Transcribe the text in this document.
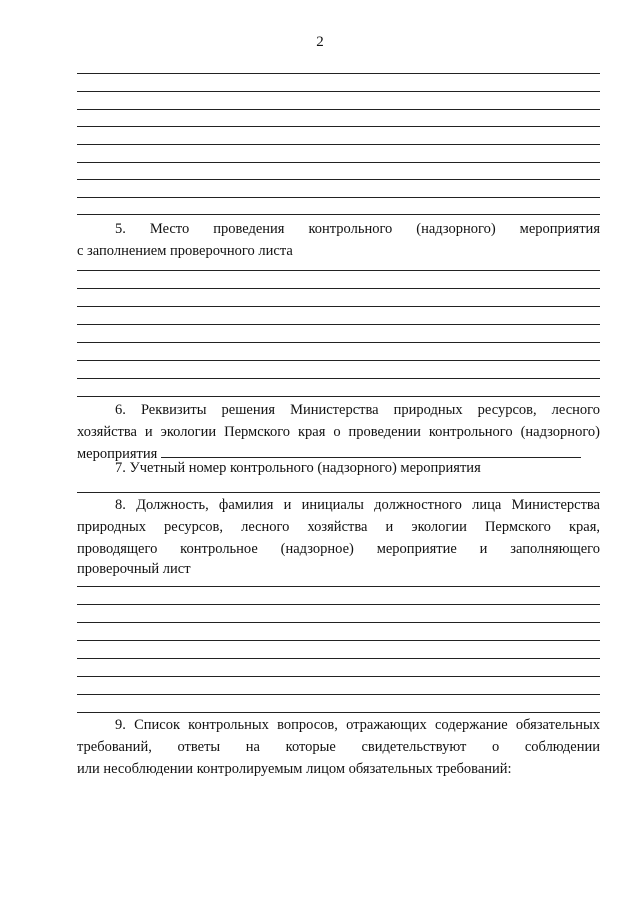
2
5. Место проведения контрольного (надзорного) мероприятия
с заполнением проверочного листа
6. Реквизиты решения Министерства природных ресурсов, лесного
хозяйства и экологии Пермского края о проведении контрольного (надзорного)
мероприятия
7. Учетный номер контрольного (надзорного) мероприятия
8. Должность, фамилия и инициалы должностного лица Министерства
природных ресурсов, лесного хозяйства и экологии Пермского края,
проводящего контрольное (надзорное) мероприятие и заполняющего
проверочный лист
9. Список контрольных вопросов, отражающих содержание обязательных
требований, ответы на которые свидетельствуют о соблюдении
или несоблюдении контролируемым лицом обязательных требований:
